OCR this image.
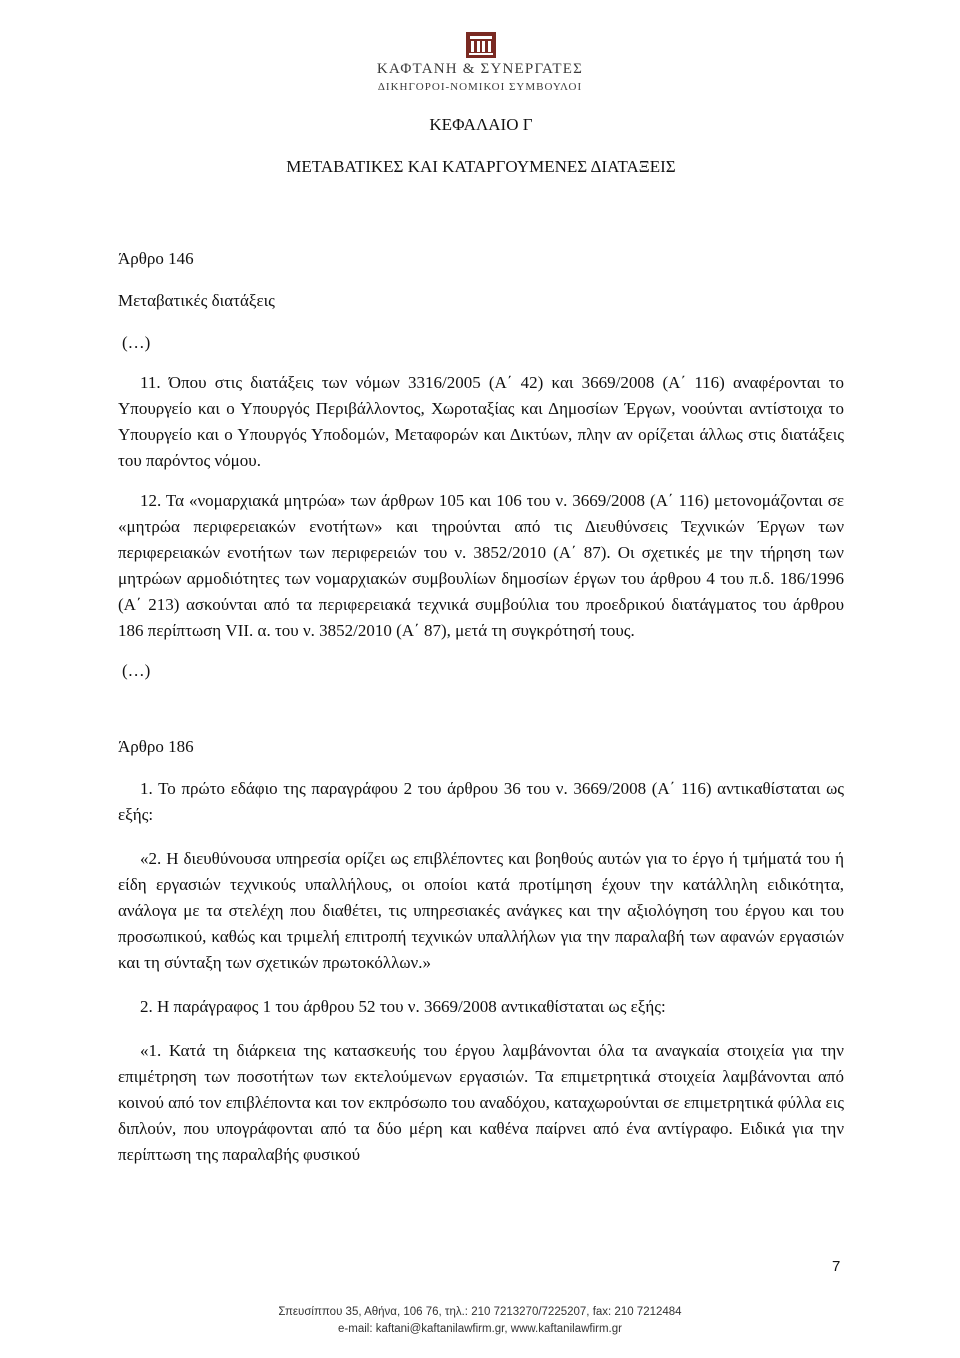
ΚΑΦΤΑΝΗ & ΣΥΝΕΡΓΑΤΕΣ
ΔΙΚΗΓΟΡΟΙ-ΝΟΜΙΚΟΙ ΣΥΜΒΟΥΛΟΙ

ΚΕΦΑΛΑΙΟ Γ

ΜΕΤΑΒΑΤΙΚΕΣ ΚΑΙ ΚΑΤΑΡΓΟΥΜΕΝΕΣ ΔΙΑΤΑΞΕΙΣ

Άρθρο 146

Μεταβατικές διατάξεις

(…)

11. Όπου στις διατάξεις των νόμων 3316/2005 (Α΄ 42) και 3669/2008 (Α΄ 116) αναφέρονται το Υπουργείο και ο Υπουργός Περιβάλλοντος, Χωροταξίας και Δημοσίων Έργων, νοούνται αντίστοιχα το Υπουργείο και ο Υπουργός Υποδομών, Μεταφορών και Δικτύων, πλην αν ορίζεται άλλως στις διατάξεις του παρόντος νόμου.

12. Τα «νομαρχιακά μητρώα» των άρθρων 105 και 106 του ν. 3669/2008 (Α΄ 116) μετονομάζονται σε «μητρώα περιφερειακών ενοτήτων» και τηρούνται από τις Διευθύνσεις Τεχνικών Έργων των περιφερειακών ενοτήτων των περιφερειών του ν. 3852/2010 (Α΄ 87). Οι σχετικές με την τήρηση των μητρώων αρμοδιότητες των νομαρχιακών συμβουλίων δημοσίων έργων του άρθρου 4 του π.δ. 186/1996 (Α΄ 213) ασκούνται από τα περιφερειακά τεχνικά συμβούλια του προεδρικού διατάγματος του άρθρου 186 περίπτωση VII. α. του ν. 3852/2010 (Α΄ 87), μετά τη συγκρότησή τους.

(…)

Άρθρο 186

1. Το πρώτο εδάφιο της παραγράφου 2 του άρθρου 36 του ν. 3669/2008 (Α΄ 116) αντικαθίσταται ως εξής:

«2. Η διευθύνουσα υπηρεσία ορίζει ως επιβλέποντες και βοηθούς αυτών για το έργο ή τμήματά του ή είδη εργασιών τεχνικούς υπαλλήλους, οι οποίοι κατά προτίμηση έχουν την κατάλληλη ειδικότητα, ανάλογα με τα στελέχη που διαθέτει, τις υπηρεσιακές ανάγκες και την αξιολόγηση του έργου και του προσωπικού, καθώς και τριμελή επιτροπή τεχνικών υπαλλήλων για την παραλαβή των αφανών εργασιών και τη σύνταξη των σχετικών πρωτοκόλλων.»

2. Η παράγραφος 1 του άρθρου 52 του ν. 3669/2008 αντικαθίσταται ως εξής:

«1. Κατά τη διάρκεια της κατασκευής του έργου λαμβάνονται όλα τα αναγκαία στοιχεία για την επιμέτρηση των ποσοτήτων των εκτελούμενων εργασιών. Τα επιμετρητικά στοιχεία λαμβάνονται από κοινού από τον επιβλέποντα και τον εκπρόσωπο του αναδόχου, καταχωρούνται σε επιμετρητικά φύλλα εις διπλούν, που υπογράφονται από τα δύο μέρη και καθένα παίρνει από ένα αντίγραφο. Ειδικά για την περίπτωση της παραλαβής φυσικού

7
Σπευσίππου 35, Αθήνα, 106 76, τηλ.: 210 7213270/7225207, fax: 210 7212484
e-mail: kaftani@kaftanilawfirm.gr, www.kaftanilawfirm.gr
